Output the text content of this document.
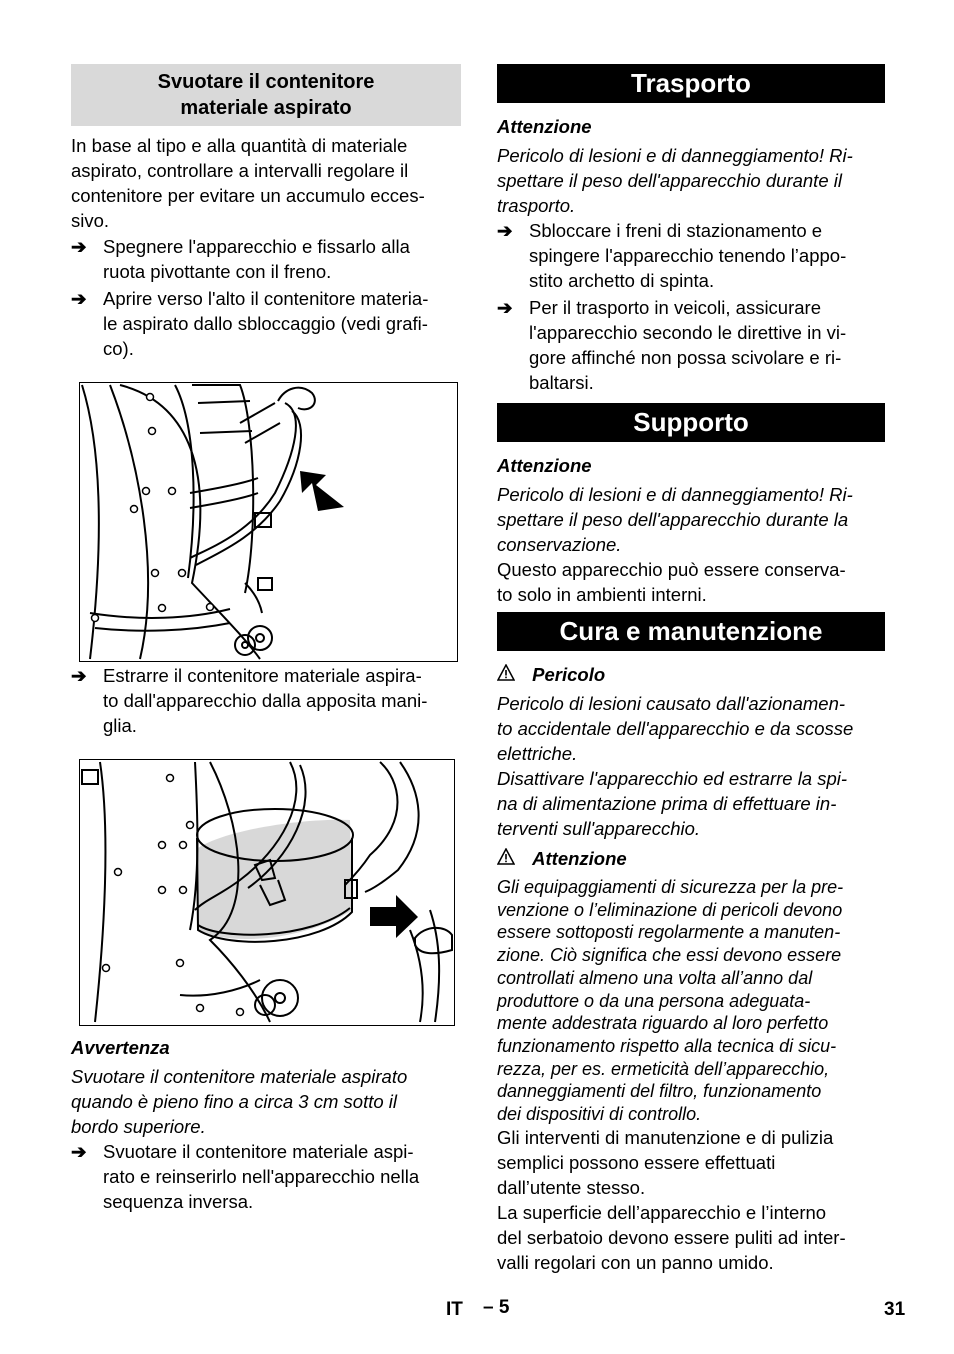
Svuotare il contenitore materiale aspirato
In base al tipo e alla quantità di materiale
aspirato, controllare a intervalli regolare il
contenitore per evitare un accumulo ecces-
sivo.
➔ Spegnere l'apparecchio e fissarlo alla
ruota pivottante con il freno.
➔ Aprire verso l'alto il contenitore materia-
le aspirato dallo sbloccaggio (vedi grafi-
co).
➔ Estrarre il contenitore materiale aspira-
to dall'apparecchio dalla apposita mani-
glia.
Avvertenza
Svuotare il contenitore materiale aspirato
quando è pieno fino a circa 3 cm sotto il
bordo superiore.
➔ Svuotare il contenitore materiale aspi-
rato e reinserirlo nell'apparecchio nella
sequenza inversa.
Trasporto
Attenzione
Pericolo di lesioni e di danneggiamento! Ri-
spettare il peso dell'apparecchio durante il
trasporto.
➔ Sbloccare i freni di stazionamento e
spingere l'apparecchio tenendo l’appo-
stito archetto di spinta.
➔ Per il trasporto in veicoli, assicurare
l'apparecchio secondo le direttive in vi-
gore affinché non possa scivolare e ri-
baltarsi.
Supporto
Attenzione
Pericolo di lesioni e di danneggiamento! Ri-
spettare il peso dell'apparecchio durante la
conservazione.
Questo apparecchio può essere conserva-
to solo in ambienti interni.
Cura e manutenzione
Pericolo
Pericolo di lesioni causato dall'azionamen-
to accidentale dell'apparecchio e da scosse
elettriche.
Disattivare l'apparecchio ed estrarre la spi-
na di alimentazione prima di effettuare in-
terventi sull'apparecchio.
Attenzione
Gli equipaggiamenti di sicurezza per la pre-
venzione o l’eliminazione di pericoli devono
essere sottoposti regolarmente a manuten-
zione. Ciò significa che essi devono essere
controllati almeno una volta all’anno dal
produttore o da una persona adeguata-
mente addestrata riguardo al loro perfetto
funzionamento rispetto alla tecnica di sicu-
rezza, per es. ermeticità dell’apparecchio,
danneggiamenti del filtro, funzionamento
dei dispositivi di controllo.
Gli interventi di manutenzione e di pulizia
semplici possono essere effettuati
dall’utente stesso.
La superficie dell’apparecchio e l’interno
del serbatoio devono essere puliti ad inter-
valli regolari con un panno umido.
IT – 5	31
